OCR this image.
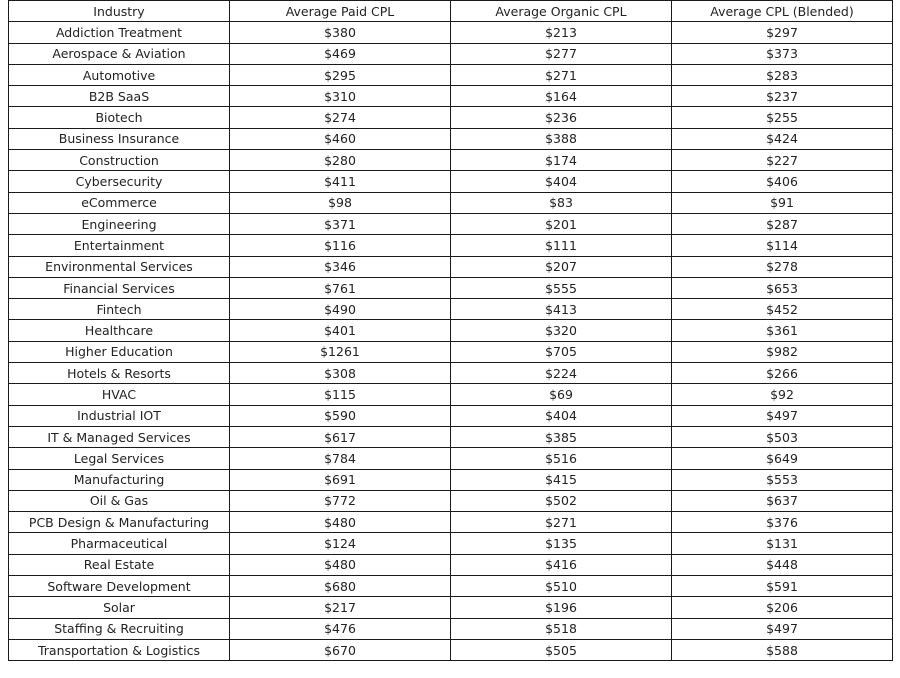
Industry	Average Paid CPL	Average Organic CPL	Average CPL (Blended)
Addiction Treatment	$380	$213	$297
Aerospace & Aviation	$469	$277	$373
Automotive	$295	$271	$283
B2B SaaS	$310	$164	$237
Biotech	$274	$236	$255
Business Insurance	$460	$388	$424
Construction	$280	$174	$227
Cybersecurity	$411	$404	$406
eCommerce	$98	$83	$91
Engineering	$371	$201	$287
Entertainment	$116	$111	$114
Environmental Services	$346	$207	$278
Financial Services	$761	$555	$653
Fintech	$490	$413	$452
Healthcare	$401	$320	$361
Higher Education	$1261	$705	$982
Hotels & Resorts	$308	$224	$266
HVAC	$115	$69	$92
Industrial IOT	$590	$404	$497
IT & Managed Services	$617	$385	$503
Legal Services	$784	$516	$649
Manufacturing	$691	$415	$553
Oil & Gas	$772	$502	$637
PCB Design & Manufacturing	$480	$271	$376
Pharmaceutical	$124	$135	$131
Real Estate	$480	$416	$448
Software Development	$680	$510	$591
Solar	$217	$196	$206
Staffing & Recruiting	$476	$518	$497
Transportation & Logistics	$670	$505	$588
